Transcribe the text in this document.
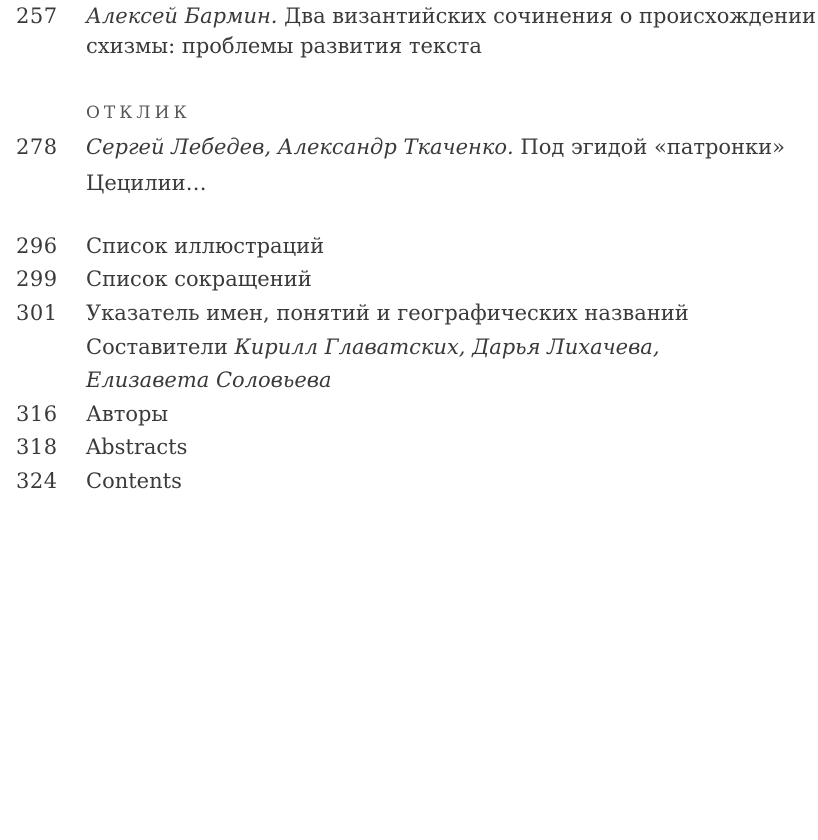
257	Алексей Бармин. Два византийских сочинения о происхождении
схизмы: проблемы развития текста
ОТКЛИК
278	Сергей Лебедев, Александр Ткаченко. Под эгидой «патронки»
Цецилии…
296	Список иллюстраций
299	Список сокращений
301	Указатель имен, понятий и географических названий
Составители Кирилл Главатских, Дарья Лихачева,
Елизавета Соловьева
316	Авторы
318	Abstracts
324	Contents
